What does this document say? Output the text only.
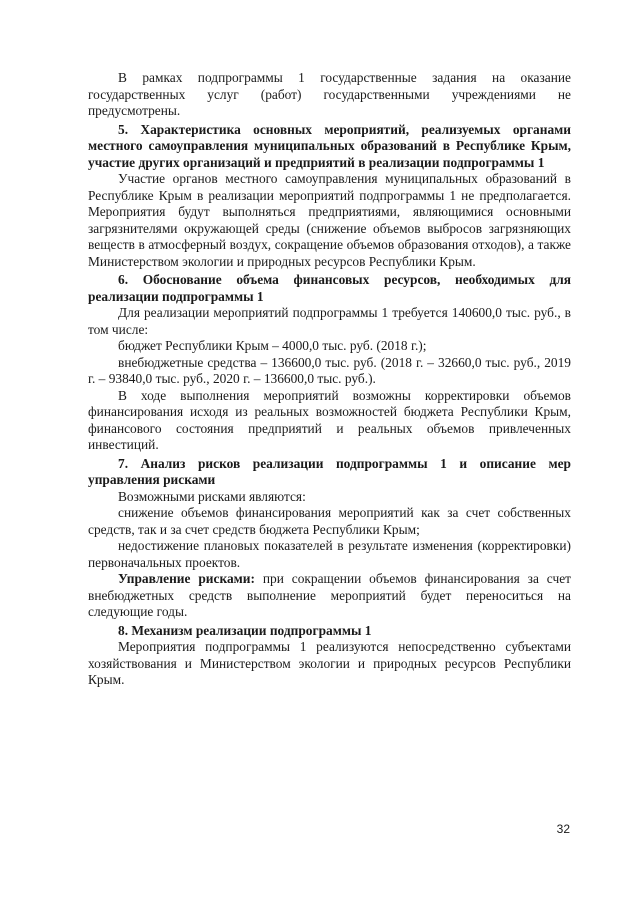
В рамках подпрограммы 1 государственные задания на оказание государственных услуг (работ) государственными учреждениями не предусмотрены.

5. Характеристика основных мероприятий, реализуемых органами местного самоуправления муниципальных образований в Республике Крым, участие других организаций и предприятий в реализации подпрограммы 1

Участие органов местного самоуправления муниципальных образований в Республике Крым в реализации мероприятий подпрограммы 1 не предполагается. Мероприятия будут выполняться предприятиями, являющимися основными загрязнителями окружающей среды (снижение объемов выбросов загрязняющих веществ в атмосферный воздух, сокращение объемов образования отходов), а также Министерством экологии и природных ресурсов Республики Крым.

6. Обоснование объема финансовых ресурсов, необходимых для реализации подпрограммы 1

Для реализации мероприятий подпрограммы 1 требуется 140600,0 тыс. руб., в том числе:

бюджет Республики Крым – 4000,0 тыс. руб. (2018 г.);

внебюджетные средства – 136600,0 тыс. руб. (2018 г. – 32660,0 тыс. руб., 2019 г. – 93840,0 тыс. руб., 2020 г. – 136600,0 тыс. руб.).

В ходе выполнения мероприятий возможны корректировки объемов финансирования исходя из реальных возможностей бюджета Республики Крым, финансового состояния предприятий и реальных объемов привлеченных инвестиций.

7. Анализ рисков реализации подпрограммы 1 и описание мер управления рисками

Возможными рисками являются:

снижение объемов финансирования мероприятий как за счет собственных средств, так и за счет средств бюджета Республики Крым;

недостижение плановых показателей в результате изменения (корректировки) первоначальных проектов.

Управление рисками: при сокращении объемов финансирования за счет внебюджетных средств выполнение мероприятий будет переноситься на следующие годы.

8. Механизм реализации подпрограммы 1

Мероприятия подпрограммы 1 реализуются непосредственно субъектами хозяйствования и Министерством экологии и природных ресурсов Республики Крым.

32
